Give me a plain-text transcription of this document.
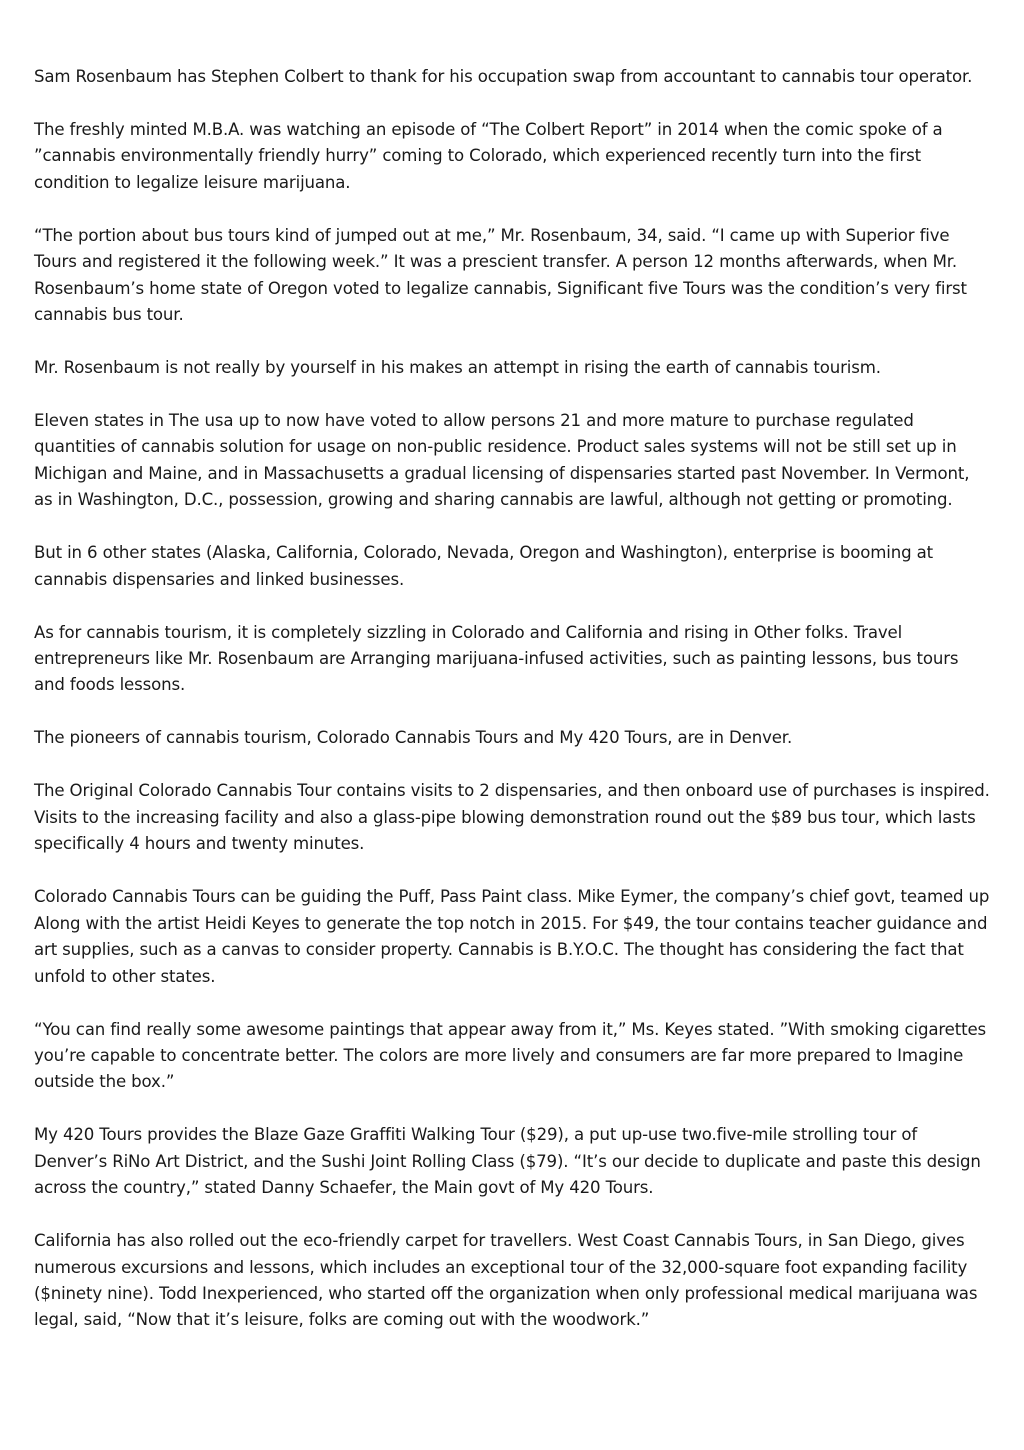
Sam Rosenbaum has Stephen Colbert to thank for his occupation swap from accountant to cannabis tour operator.

The freshly minted M.B.A. was watching an episode of “The Colbert Report” in 2014 when the comic spoke of a ”cannabis environmentally friendly hurry” coming to Colorado, which experienced recently turn into the first condition to legalize leisure marijuana.

“The portion about bus tours kind of jumped out at me,” Mr. Rosenbaum, 34, said. “I came up with Superior five Tours and registered it the following week.” It was a prescient transfer. A person 12 months afterwards, when Mr. Rosenbaum’s home state of Oregon voted to legalize cannabis, Significant five Tours was the condition’s very first cannabis bus tour.

Mr. Rosenbaum is not really by yourself in his makes an attempt in rising the earth of cannabis tourism.

Eleven states in The usa up to now have voted to allow persons 21 and more mature to purchase regulated quantities of cannabis solution for usage on non-public residence. Product sales systems will not be still set up in Michigan and Maine, and in Massachusetts a gradual licensing of dispensaries started past November. In Vermont, as in Washington, D.C., possession, growing and sharing cannabis are lawful, although not getting or promoting.

But in 6 other states (Alaska, California, Colorado, Nevada, Oregon and Washington), enterprise is booming at cannabis dispensaries and linked businesses.

As for cannabis tourism, it is completely sizzling in Colorado and California and rising in Other folks. Travel entrepreneurs like Mr. Rosenbaum are Arranging marijuana-infused activities, such as painting lessons, bus tours and foods lessons.

The pioneers of cannabis tourism, Colorado Cannabis Tours and My 420 Tours, are in Denver.

The Original Colorado Cannabis Tour contains visits to 2 dispensaries, and then onboard use of purchases is inspired. Visits to the increasing facility and also a glass-pipe blowing demonstration round out the $89 bus tour, which lasts specifically 4 hours and twenty minutes.

Colorado Cannabis Tours can be guiding the Puff, Pass Paint class. Mike Eymer, the company’s chief govt, teamed up Along with the artist Heidi Keyes to generate the top notch in 2015. For $49, the tour contains teacher guidance and art supplies, such as a canvas to consider property. Cannabis is B.Y.O.C. The thought has considering the fact that unfold to other states.

“You can find really some awesome paintings that appear away from it,” Ms. Keyes stated. ”With smoking cigarettes you’re capable to concentrate better. The colors are more lively and consumers are far more prepared to Imagine outside the box.”

My 420 Tours provides the Blaze Gaze Graffiti Walking Tour ($29), a put up-use two.five-mile strolling tour of Denver’s RiNo Art District, and the Sushi Joint Rolling Class ($79). “It’s our decide to duplicate and paste this design across the country,” stated Danny Schaefer, the Main govt of My 420 Tours.

California has also rolled out the eco-friendly carpet for travellers. West Coast Cannabis Tours, in San Diego, gives numerous excursions and lessons, which includes an exceptional tour of the 32,000-square foot expanding facility ($ninety nine). Todd Inexperienced, who started off the organization when only professional medical marijuana was legal, said, “Now that it’s leisure, folks are coming out with the woodwork.”
